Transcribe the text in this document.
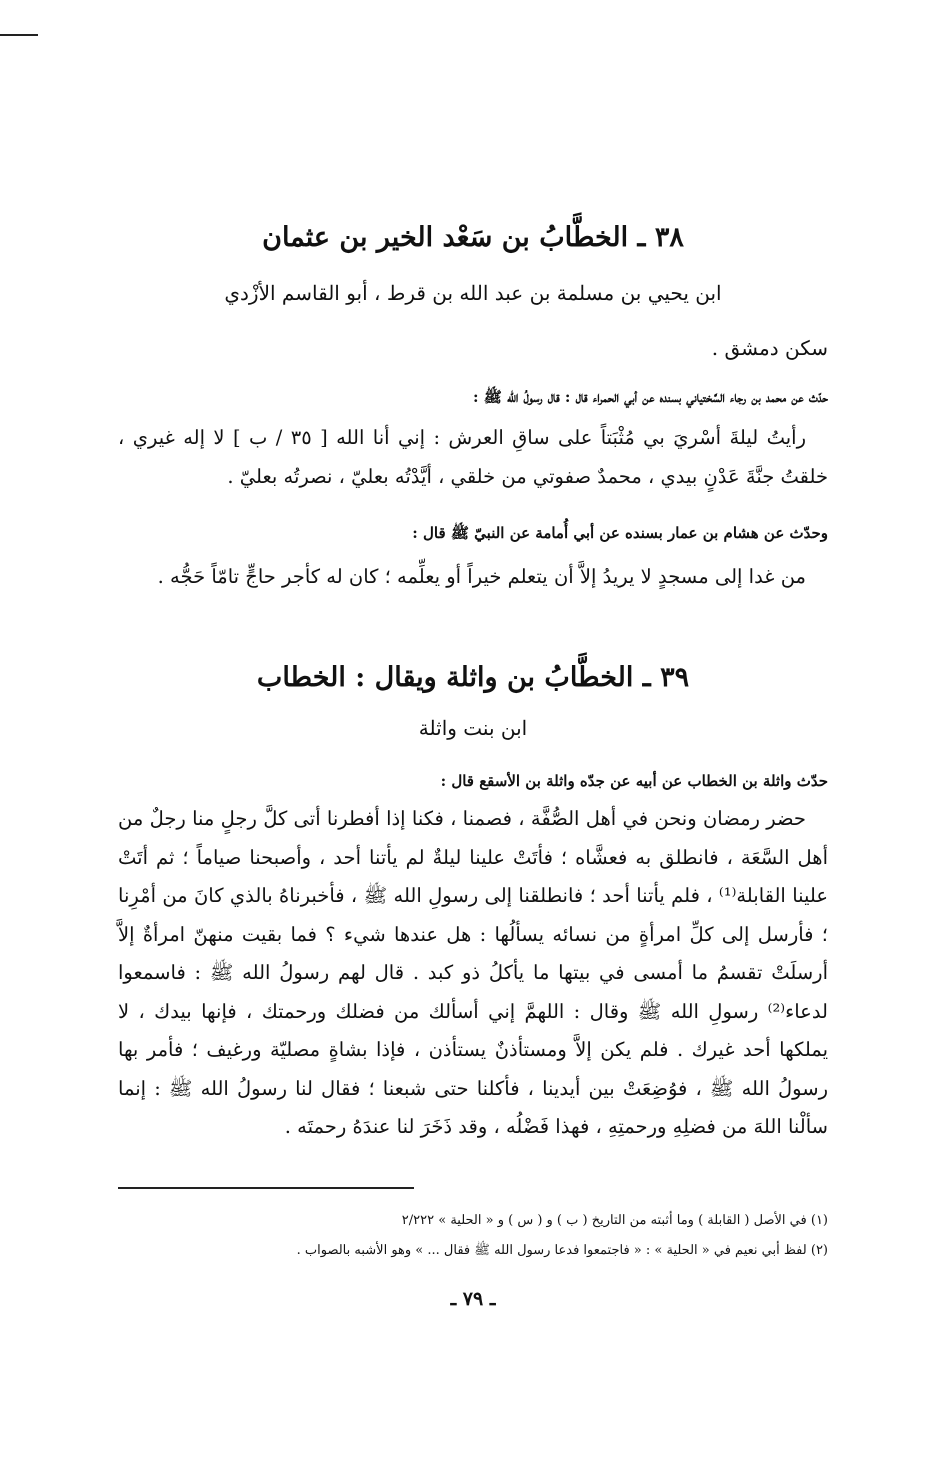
٣٨ ـ الخطَّابُ بن سَعْد الخير بن عثمان
ابن يحيي بن مسلمة بن عبد الله بن قرط ، أبو القاسم الأزْدي
سكن دمشق .
حدّث عن محمد بن رجاء السَّختياني بسنده عن أبي الحمراء قال : قال رسولُ الله ﷺ :
رأيتُ ليلةَ أسْريَ بي مُثْبَتاً على ساقِ العرش : إني أنا الله [ ٣٥ / ب ] لا إله غيري ، خلقتُ جنَّةَ عَدْنٍ بيدي ، محمدٌ صفوتي من خلقي ، أيَّدْتُه بعليّ ، نصرتُه بعليّ .
وحدّث عن هشام بن عمار بسنده عن أبي أُمامة عن النبيّ ﷺ قال :
من غدا إلى مسجدٍ لا يريدُ إلاَّ أن يتعلم خيراً أو يعلِّمه ؛ كان له كأجر حاجٍّ تامّاً حَجُّه .
٣٩ ـ الخطَّابُ بن واثلة ويقال : الخطاب
ابن بنت واثلة
حدّث واثلة بن الخطاب عن أبيه عن جدّه واثلة بن الأسقع قال :
حضر رمضان ونحن في أهل الصُّفَّة ، فصمنا ، فكنا إذا أفطرنا أتى كلَّ رجلٍ منا رجلٌ من أهل السَّعَة ، فانطلق به فعشَّاه ؛ فأتَتْ علينا ليلةٌ لم يأتنا أحد ، وأصبحنا صياماً ؛ ثم أتَتْ علينا القابلة⁽¹⁾ ، فلم يأتنا أحد ؛ فانطلقنا إلى رسولِ الله ﷺ ، فأخبرناهُ بالذي كانَ من أمْرِنا ؛ فأرسل إلى كلِّ امرأةٍ من نسائه يسألُها : هل عندها شيء ؟ فما بقيت منهنّ امرأةٌ إلاَّ أرسلَتْ تقسمُ ما أمسى في بيتها ما يأكلُ ذو كبد . قال لهم رسولُ الله ﷺ : فاسمعوا لدعاء⁽²⁾ رسولِ الله ﷺ وقال : اللهمَّ إني أسألك من فضلك ورحمتك ، فإنها بيدك ، لا يملكها أحد غيرك . فلم يكن إلاَّ ومستأذنٌ يستأذن ، فإذا بشاةٍ مصليّة ورغيف ؛ فأمر بها رسولُ الله ﷺ ، فوُضِعَتْ بين أيدينا ، فأكلنا حتى شبعنا ؛ فقال لنا رسولُ الله ﷺ : إنما سألْنا اللهَ من فضلِهِ ورحمتِهِ ، فهذا فَضْلُه ، وقد ذَخَرَ لنا عندَهُ رحمتَه .
(١) في الأصل ( القابلة ) وما أثبته من التاريخ ( ب ) و ( س ) و « الحلية » ٢/٢٢٢
(٢) لفظ أبي نعيم في « الحلية » : « فاجتمعوا فدعا رسول الله ﷺ فقال ... » وهو الأشبه بالصواب .
ـ ٧٩ ـ
